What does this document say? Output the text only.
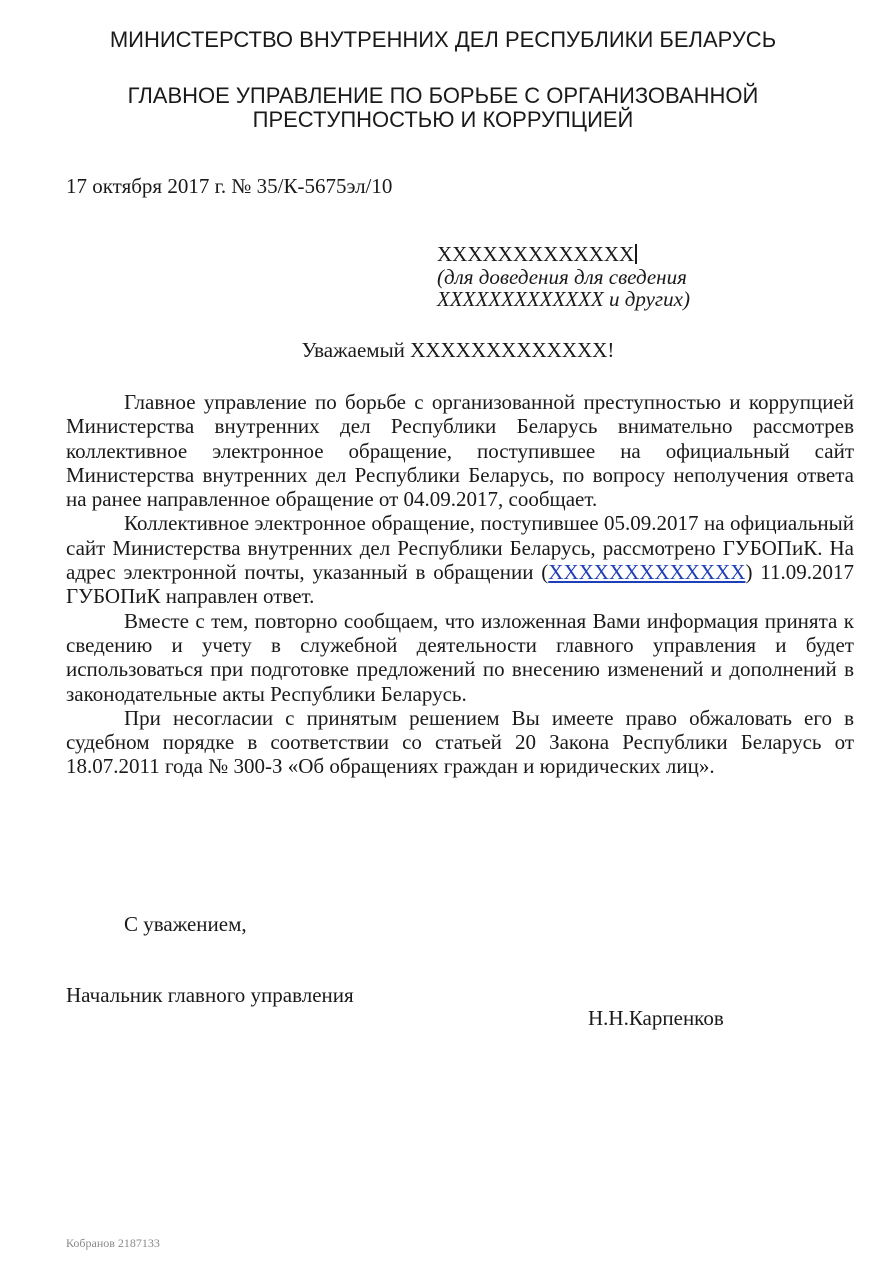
МИНИСТЕРСТВО ВНУТРЕННИХ ДЕЛ РЕСПУБЛИКИ БЕЛАРУСЬ
ГЛАВНОЕ УПРАВЛЕНИЕ ПО БОРЬБЕ С ОРГАНИЗОВАННОЙ
ПРЕСТУПНОСТЬЮ И КОРРУПЦИЕЙ
17 октября 2017 г. № 35/К-5675эл/10
XXXXXXXXXXXXX
(для доведения для сведения
XXXXXXXXXXXXX и других)
Уважаемый XXXXXXXXXXXXX!

Главное управление по борьбе с организованной преступностью и коррупцией Министерства внутренних дел Республики Беларусь внимательно рассмотрев коллективное электронное обращение, поступившее на официальный сайт Министерства внутренних дел Республики Беларусь, по вопросу неполучения ответа на ранее направленное обращение от 04.09.2017, сообщает.

Коллективное электронное обращение, поступившее 05.09.2017 на официальный сайт Министерства внутренних дел Республики Беларусь, рассмотрено ГУБОПиК. На адрес электронной почты, указанный в обращении (XXXXXXXXXXXXX) 11.09.2017 ГУБОПиК направлен ответ.

Вместе с тем, повторно сообщаем, что изложенная Вами информация принята к сведению и учету в служебной деятельности главного управления и будет использоваться при подготовке предложений по внесению изменений и дополнений в законодательные акты Республики Беларусь.

При несогласии с принятым решением Вы имеете право обжаловать его в судебном порядке в соответствии со статьей 20 Закона Республики Беларусь от 18.07.2011 года № 300-З «Об обращениях граждан и юридических лиц».

С уважением,
Начальник главного управления
Н.Н.Карпенков
Кобранов 2187133
